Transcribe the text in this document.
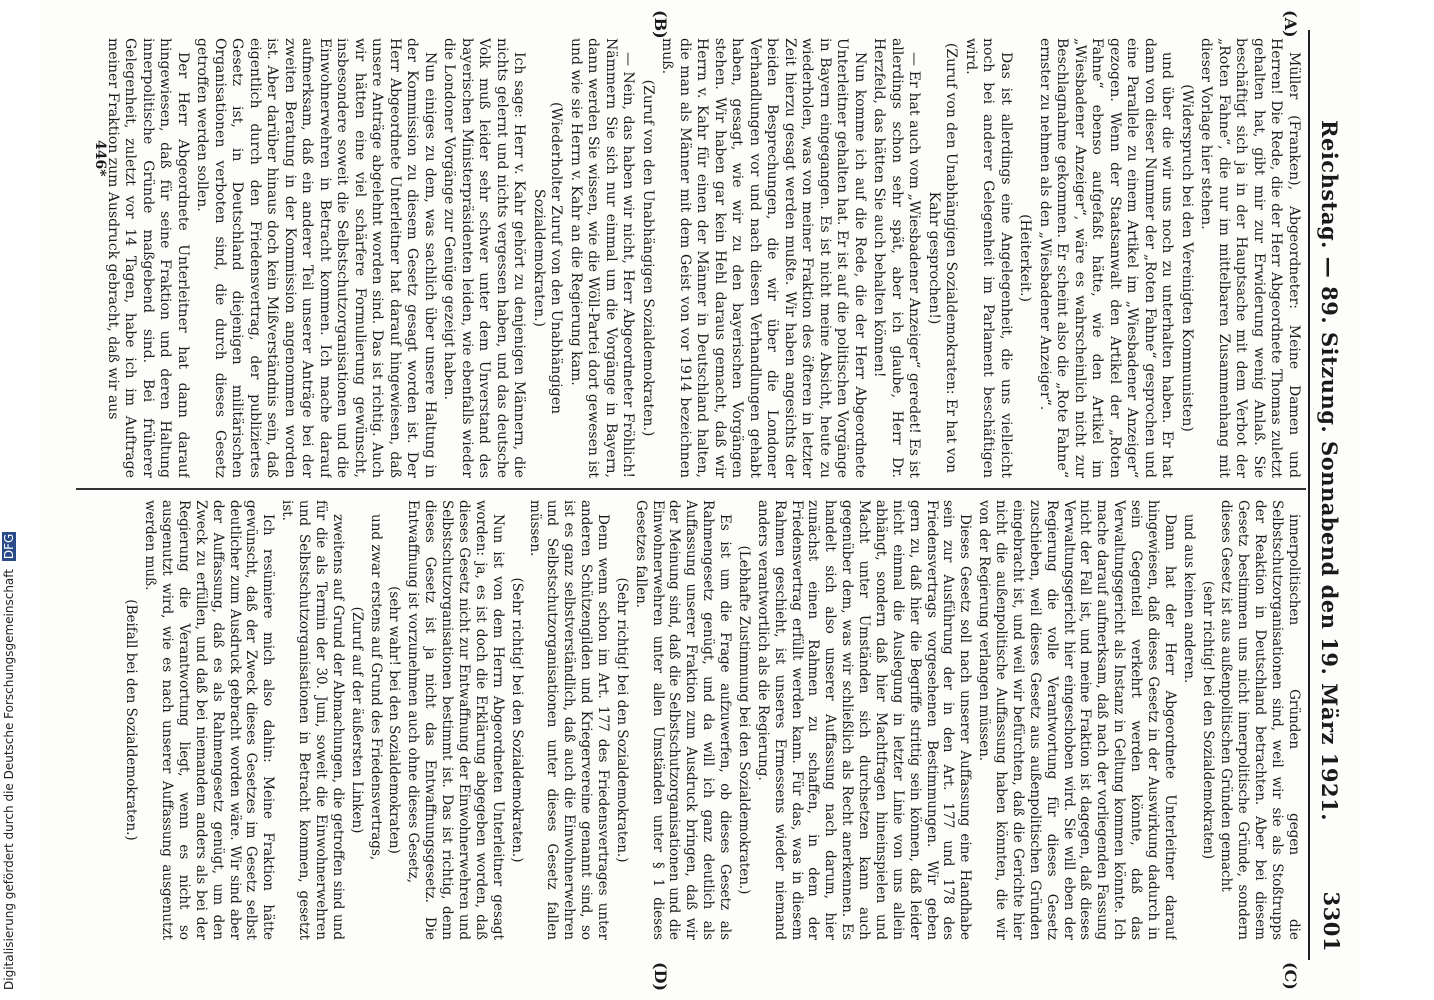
Reichstag. — 89. Sitzung. Sonnabend den 19. März 1921.
3301
(A)
(B)
(C)
(D)

innerpolitischen Gründen gegen die Selbstschutzorganisationen sind, weil wir sie als Stoßtrupps der Reaktion in Deutschland betrachten. Aber bei diesem Gesetz bestimmen uns nicht innerpolitische Gründe, sondern dieses Gesetz ist aus außenpolitischen Gründen gemacht

(sehr richtig! bei den Sozialdemokraten)

und aus keinen anderen.

Dann hat der Herr Abgeordnete Unterleitner darauf hingewiesen, daß dieses Gesetz in der Auswirkung dadurch in sein Gegenteil verkehrt werden könnte, daß das Verwaltungsgericht als Instanz in Geltung kommen könnte. Ich mache darauf aufmerksam, daß nach der vorliegenden Fassung nicht der Fall ist, und meine Fraktion ist dagegen, daß dieses Verwaltungsgericht hier eingeschoben wird. Sie will eben der Regierung die volle Verantwortung für dieses Gesetz zuschieben, weil dieses Gesetz aus außenpolitischen Gründen eingebracht ist, und weil wir befürchten, daß die Gerichte hier nicht die außenpolitische Auffassung haben könnten, die wir von der Regierung verlangen müssen.

Dieses Gesetz soll nach unserer Auffassung eine Handhabe sein zur Ausführung der in den Art. 177 und 178 des Friedensvertrags vorgesehenen Bestimmungen. Wir geben gern zu, daß hier die Begriffe strittig sein können, daß leider nicht einmal die Auslegung in letzter Linie von uns allein abhängt, sondern daß hier Machtfragen hineinspielen und Macht unter Umständen sich durchsetzen kann auch gegenüber dem, was wir schließlich als Recht anerkennen. Es handelt sich also unserer Auffassung nach darum, hier zunächst einen Rahmen zu schaffen, in dem der Friedensvertrag erfüllt werden kann. Für das, was in diesem Rahmen geschieht, ist unseres Ermessens wieder niemand anders verantwortlich als die Regierung.

(Lebhafte Zustimmung bei den Sozialdemokraten.)

Es ist um die Frage aufzuwerfen, ob dieses Gesetz als Rahmengesetz genügt, und da will ich ganz deutlich als Auffassung unserer Fraktion zum Ausdruck bringen, daß wir der Meinung sind, daß die Selbstschutzorganisationen und die Einwohnerwehren unter allen Umständen unter § 1 dieses Gesetzes fallen.

(Sehr richtig! bei den Sozialdemokraten.)

Denn wenn schon im Art. 177 des Friedensvertrages unter anderen Schützengilden und Kriegervereine genannt sind, so ist es ganz selbstverständlich, daß auch die Einwohnerwehren und Selbstschutzorganisationen unter dieses Gesetz fallen müssen.

(Sehr richtig! bei den Sozialdemokraten.)

Nun ist von dem Herrn Abgeordneten Unterleitner gesagt worden: ja, es ist doch die Erklärung abgegeben worden, daß dieses Gesetz nicht zur Entwaffnung der Einwohnerwehren und Selbstschutzorganisationen bestimmt ist. Das ist richtig, denn dieses Gesetz ist ja nicht das Entwaffnungsgesetz. Die Entwaffnung ist vorzunehmen auch ohne dieses Gesetz,

(sehr wahr! bei den Sozialdemokraten)

und zwar erstens auf Grund des Friedensvertrags,

(Zuruf auf der äußersten Linken)

zweitens auf Grund der Abmachungen, die getroffen sind und für die als Termin der 30. Juni, soweit die Einwohnerwehren und Selbstschutzorganisationen in Betracht kommen, gesetzt ist.

Ich resümiere mich also dahin: Meine Fraktion hätte gewünscht, daß der Zweck dieses Gesetzes im Gesetz selbst deutlicher zum Ausdruck gebracht worden wäre. Wir sind aber der Auffassung, daß es als Rahmengesetz genügt, um den Zweck zu erfüllen, und daß bei niemandem anders als bei der Regierung die Verantwortung liegt, wenn es nicht so ausgenutzt wird, wie es nach unserer Auffassung ausgenutzt werden muß.

(Beifall bei den Sozialdemokraten.)

Müller (Franken), Abgeordneter: Meine Damen und Herren! Die Rede, die der Herr Abgeordnete Thomas zuletzt gehalten hat, gibt mir zur Erwiderung wenig Anlaß. Sie beschäftigt sich ja in der Hauptsache mit dem Verbot der „Roten Fahne“, die nur im mittelbaren Zusammenhang mit dieser Vorlage hier stehen.

(Widerspruch bei den Vereinigten Kommunisten)

und über die wir uns noch zu unterhalten haben. Er hat dann von dieser Nummer der „Roten Fahne“ gesprochen und eine Parallele zu einem Artikel im „Wiesbadener Anzeiger“ gezogen. Wenn der Staatsanwalt den Artikel der „Roten Fahne“ ebenso aufgefaßt hätte, wie den Artikel im „Wiesbadener Anzeiger“, wäre es wahrscheinlich nicht zur Beschlagnahme gekommen. Er scheint also die „Rote Fahne“ ernster zu nehmen als den „Wiesbadener Anzeiger“.

(Heiterkeit.)

Das ist allerdings eine Angelegenheit, die uns vielleicht noch bei anderer Gelegenheit im Parlament beschäftigen wird.

(Zuruf von den Unabhängigen Sozialdemokraten: Er hat von Kahr gesprochen!)

— Er hat auch vom „Wiesbadener Anzeiger“ geredet! Es ist allerdings schon sehr spät, aber ich glaube, Herr Dr. Herzfeld, das hätten Sie auch behalten können!

Nun komme ich auf die Rede, die der Herr Abgeordnete Unterleitner gehalten hat. Er ist auf die politischen Vorgänge in Bayern eingegangen. Es ist nicht meine Absicht, heute zu wiederholen, was von meiner Fraktion des öfteren in letzter Zeit hierzu gesagt werden mußte. Wir haben angesichts der beiden Besprechungen, die wir über die Londoner Verhandlungen vor und nach diesen Verhandlungen gehabt haben, gesagt, wie wir zu den bayerischen Vorgängen stehen. Wir haben gar kein Hehl daraus gemacht, daß wir Herrn v. Kahr für einen der Männer in Deutschland halten, die man als Männer mit dem Geist von vor 1914 bezeichnen muß.

(Zuruf von den Unabhängigen Sozialdemokraten.)

— Nein, das haben wir nicht, Herr Abgeordneter Fröhlich! Nämmern Sie sich nur einmal um die Vorgänge in Bayern, dann werden Sie wissen, wie die Wöll-Partei dort gewesen ist und wie sie Herrn v. Kahr an die Regierung kam.

(Wiederholter Zuruf von den Unabhängigen Sozialdemokraten.)

Ich sage: Herr v. Kahr gehört zu denjenigen Männern, die nichts gelernt und nichts vergessen haben, und das deutsche Volk muß leider sehr schwer unter dem Unverstand des bayerischen Ministerpräsidenten leiden, wie ebenfalls wieder die Londoner Vorgänge zur Genüge gezeigt haben.

Nun einiges zu dem, was sachlich über unsere Haltung in der Kommission zu diesem Gesetz gesagt worden ist. Der Herr Abgeordnete Unterleitner hat darauf hingewiesen, daß unsere Anträge abgelehnt worden sind. Das ist richtig. Auch wir hätten eine viel schärfere Formulierung gewünscht, insbesondere soweit die Selbstschutzorganisationen und die Einwohnerwehren in Betracht kommen. Ich mache darauf aufmerksam, daß ein anderer Teil unserer Anträge bei der zweiten Beratung in der Kommission angenommen worden ist. Aber darüber hinaus doch kein Mißverständnis sein, daß eigentlich durch den Friedensvertrag, der publiziertes Gesetz ist, in Deutschland diejenigen militärischen Organisationen verboten sind, die durch dieses Gesetz getroffen werden sollen.

Der Herr Abgeordnete Unterleitner hat dann darauf hingewiesen, daß für seine Fraktion und deren Haltung innerpolitische Gründe maßgebend sind. Bei früherer Gelegenheit, zuletzt vor 14 Tagen, habe ich im Auftrage meiner Fraktion zum Ausdruck gebracht, daß wir aus

446*
Digitalisierung gefördert durch die Deutsche Forschungsgemeinschaft DFG
